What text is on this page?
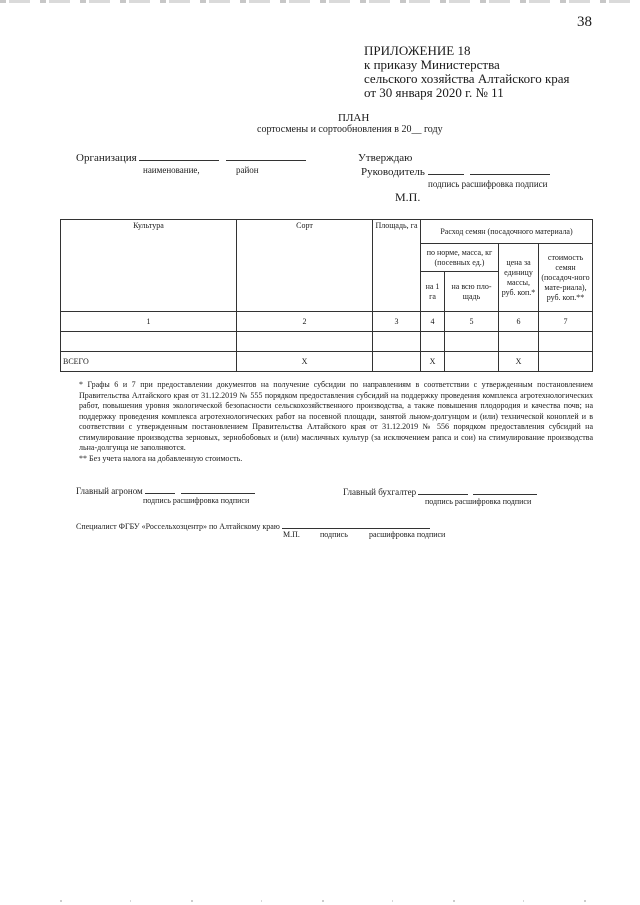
38
ПРИЛОЖЕНИЕ 18
к приказу Министерства
сельского хозяйства Алтайского края
от 30 января 2020 г. № 11
ПЛАН
сортосмены и сортообновления в 20__ году
Организация
наименование,	район
Утверждаю
Руководитель
подпись расшифровка подписи
М.П.
Культура	Сорт	Площадь, га	Расход семян (посадочного материала)			
			по норме, масса, кг (посевных ед.)		цена за единицу массы, руб. коп.*	стоимость семян (посадоч-ного мате-риала), руб. коп.**
			на 1 га	на всю пло-щадь		
1	2	3	4	5	6	7

ВСЕГО	Х		Х		Х	

* Графы 6 и 7 при предоставлении документов на получение субсидии по направлениям в соответствии с утвержденным постановлением Правительства Алтайского края от 31.12.2019 № 555 порядком предоставления субсидий на поддержку проведения комплекса агротехнологических работ, повышения уровня экологической безопасности сельскохозяйственного производства, а также повышения плодородия и качества почв; на поддержку проведения комплекса агротехнологических работ на посевной площади, занятой льном-долгунцом и (или) технической коноплей и в соответствии с утвержденным постановлением Правительства Алтайского края от 31.12.2019 № 556 порядком предоставления субсидий на стимулирование производства зерновых, зернобобовых и (или) масличных культур (за исключением рапса и сои) на стимулирование производства льна-долгунца не заполняются.

** Без учета налога на добавленную стоимость.

Главный агроном
подпись расшифровка подписи
Главный бухгалтер
подпись расшифровка подписи
Специалист ФГБУ «Россельхозцентр» по Алтайскому краю
М.П.	подпись	расшифровка подписи
